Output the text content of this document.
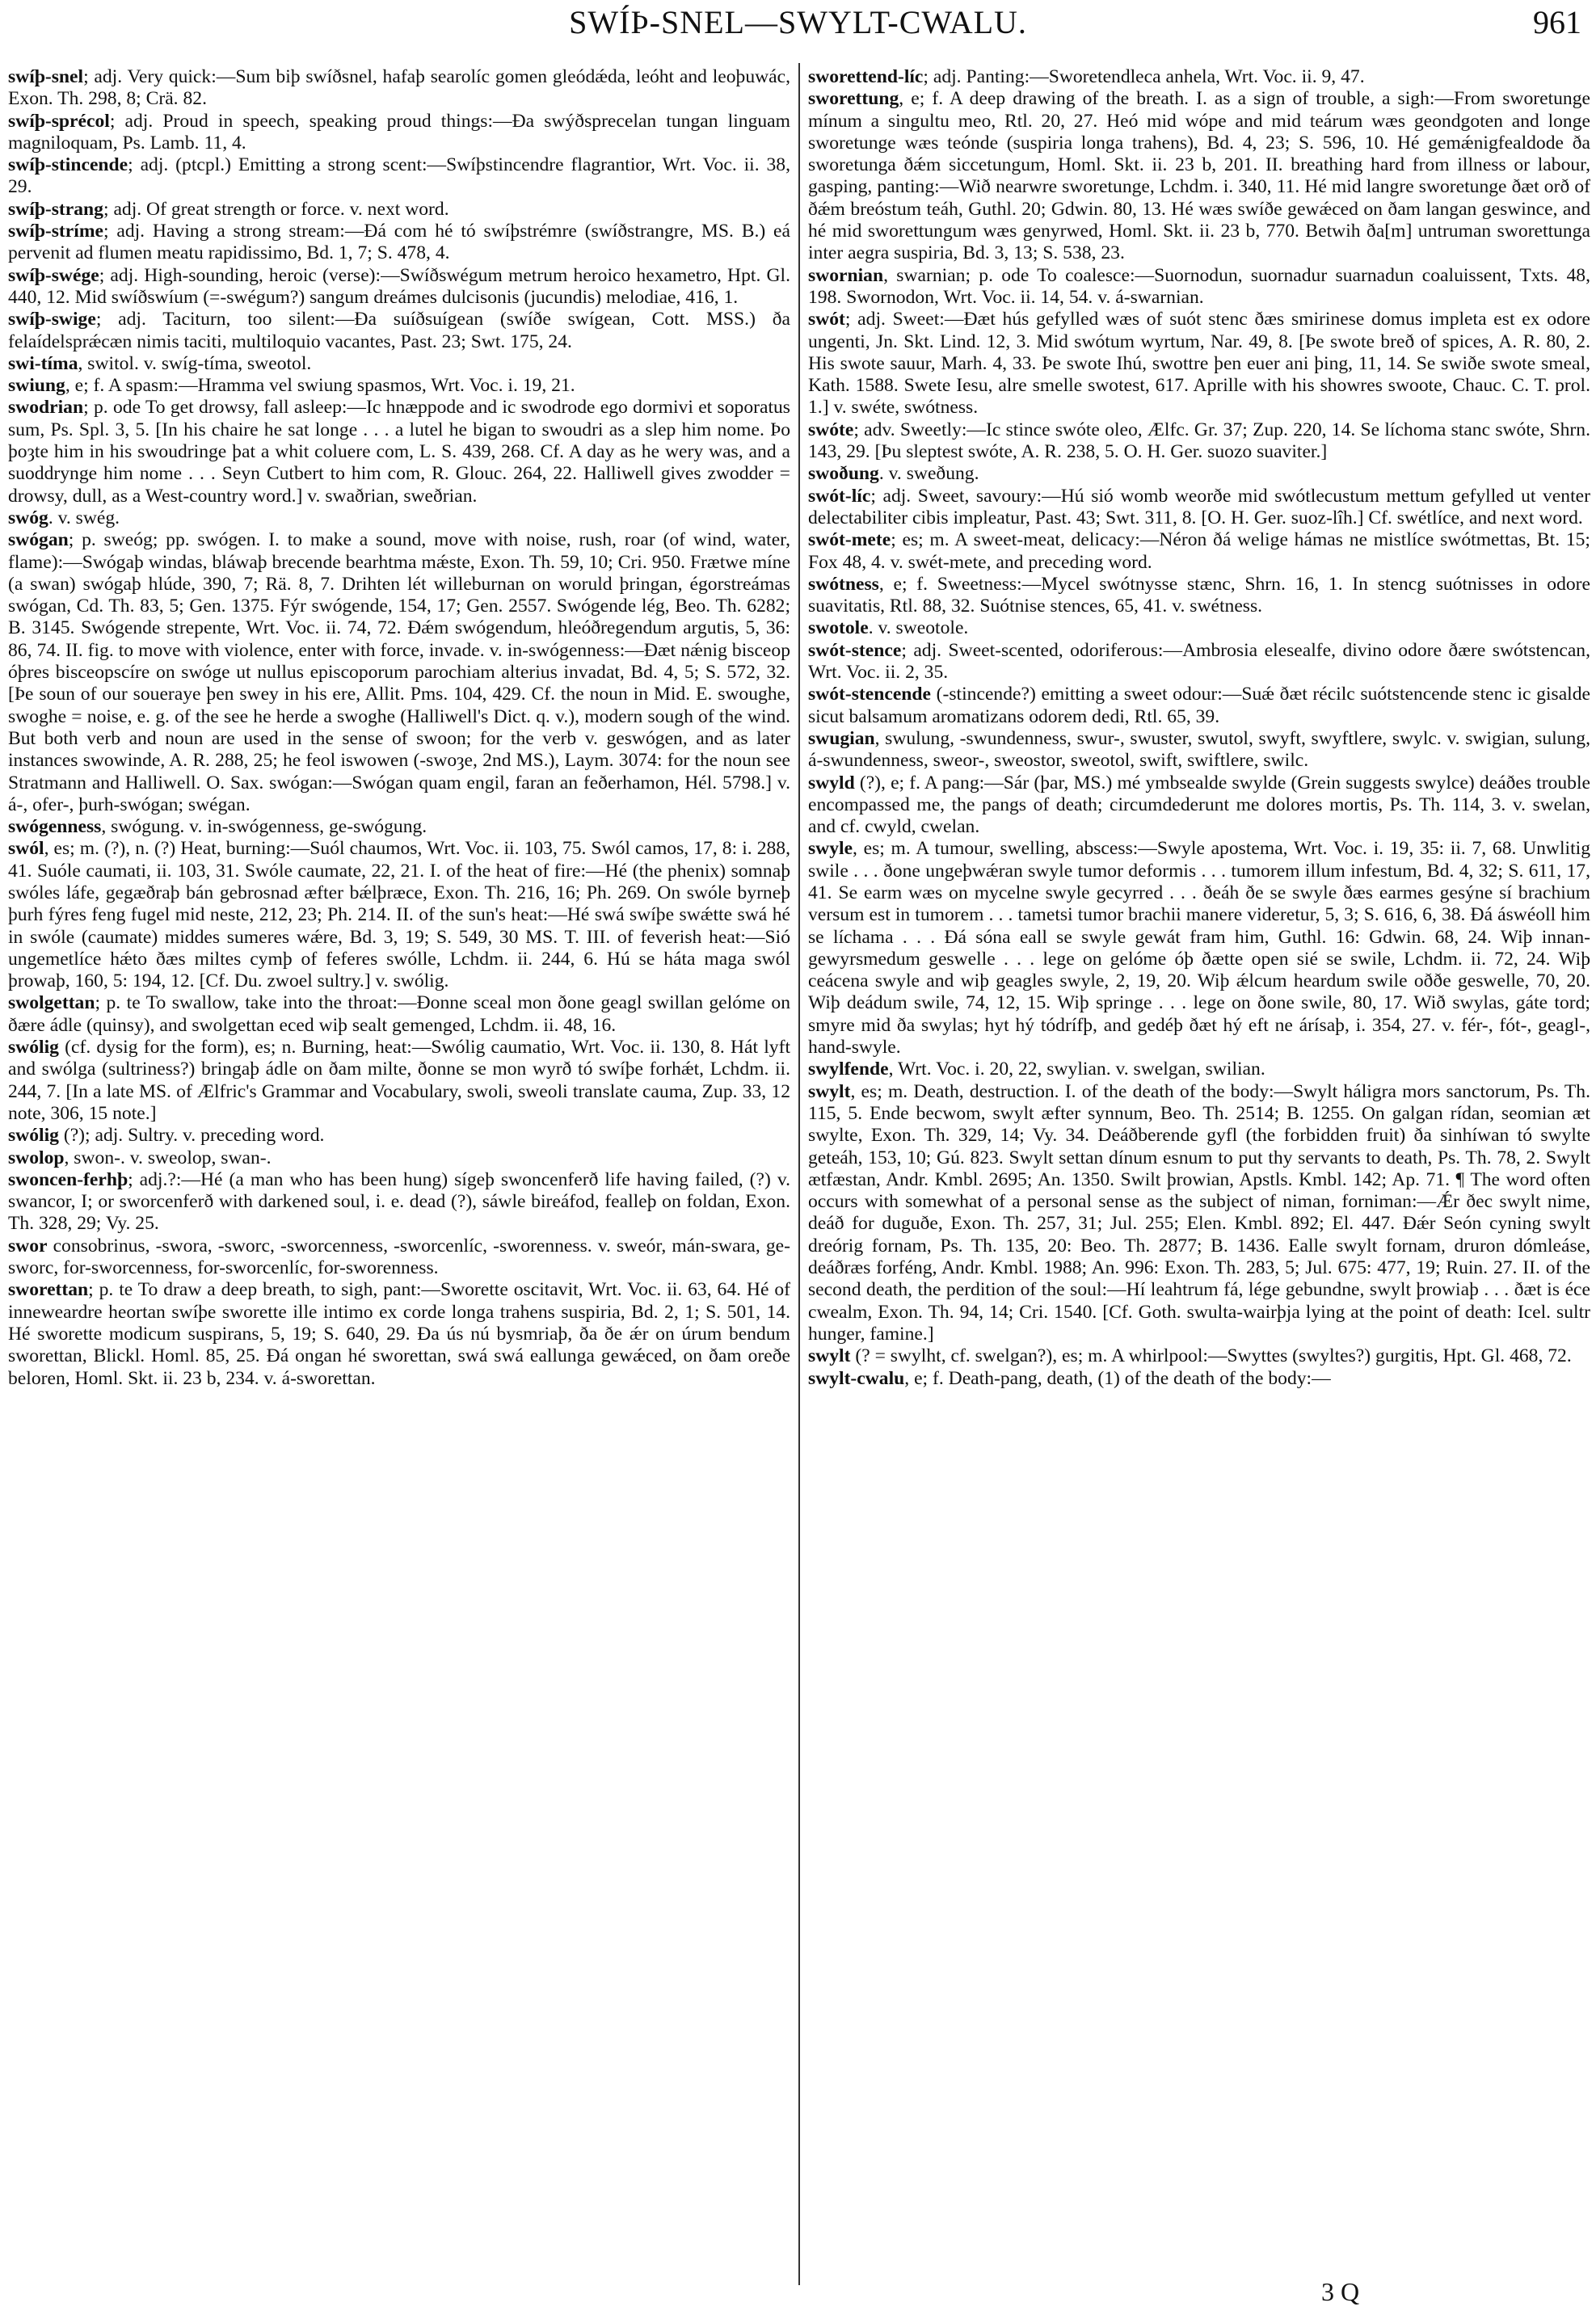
SWÍÞ-SNEL—SWYLT-CWALU.	961

swíþ-snel; adj. Very quick:—Sum biþ swíðsnel, hafaþ searolíc gomen gleódǽda, leóht and leoþuwác, Exon. Th. 298, 8; Crä. 82.

swíþ-sprécol; adj. Proud in speech, speaking proud things:—Ða swýðsprecelan tungan linguam magniloquam, Ps. Lamb. 11, 4.

swíþ-stincende; adj. (ptcpl.) Emitting a strong scent:—Swíþstincendre flagrantior, Wrt. Voc. ii. 38, 29.

swíþ-strang; adj. Of great strength or force. v. next word.

swíþ-stríme; adj. Having a strong stream:—Ðá com hé tó swíþstrémre (swíðstrangre, MS. B.) eá pervenit ad flumen meatu rapidissimo, Bd. 1, 7; S. 478, 4.

swíþ-swége; adj. High-sounding, heroic (verse):—Swíðswégum metrum heroico hexametro, Hpt. Gl. 440, 12. Mid swíðswíum (=-swégum?) sangum dreámes dulcisonis (jucundis) melodiae, 416, 1.

swíþ-swige; adj. Taciturn, too silent:—Ða suíðsuígean (swíðe swígean, Cott. MSS.) ða felaídelsprǽcæn nimis taciti, multiloquio vacantes, Past. 23; Swt. 175, 24.

swi-tíma, switol. v. swíg-tíma, sweotol.

swiung, e; f. A spasm:—Hramma vel swiung spasmos, Wrt. Voc. i. 19, 21.

swodrian; p. ode To get drowsy, fall asleep:—Ic hnæppode and ic swodrode ego dormivi et soporatus sum, Ps. Spl. 3, 5. [In his chaire he sat longe . . . a lutel he bigan to swoudri as a slep him nome. Þo þoȝte him in his swoudringe þat a whit coluere com, L. S. 439, 268. Cf. A day as he wery was, and a suoddrynge him nome . . . Seyn Cutbert to him com, R. Glouc. 264, 22. Halliwell gives zwodder = drowsy, dull, as a West-country word.] v. swaðrian, sweðrian.

swóg. v. swég.

swógan; p. sweóg; pp. swógen. I. to make a sound, move with noise, rush, roar (of wind, water, flame):—Swógaþ windas, bláwaþ brecende bearhtma mǽste, Exon. Th. 59, 10; Cri. 950. Frætwe míne (a swan) swógaþ hlúde, 390, 7; Rä. 8, 7. Drihten lét willeburnan on woruld þringan, égorstreámas swógan, Cd. Th. 83, 5; Gen. 1375. Fýr swógende, 154, 17; Gen. 2557. Swógende lég, Beo. Th. 6282; B. 3145. Swógende strepente, Wrt. Voc. ii. 74, 72. Ðǽm swógendum, hleóðregendum argutis, 5, 36: 86, 74. II. fig. to move with violence, enter with force, invade. v. in-swógenness:—Ðæt nǽnig bisceop óþres bisceopscíre on swóge ut nullus episcoporum parochiam alterius invadat, Bd. 4, 5; S. 572, 32. [Þe soun of our soueraye þen swey in his ere, Allit. Pms. 104, 429. Cf. the noun in Mid. E. swoughe, swoghe = noise, e. g. of the see he herde a swoghe (Halliwell's Dict. q. v.), modern sough of the wind. But both verb and noun are used in the sense of swoon; for the verb v. geswógen, and as later instances swowinde, A. R. 288, 25; he feol iswowen (-swoȝe, 2nd MS.), Laym. 3074: for the noun see Stratmann and Halliwell. O. Sax. swógan:—Swógan quam engil, faran an feðerhamon, Hél. 5798.] v. á-, ofer-, þurh-swógan; swégan.

swógenness, swógung. v. in-swógenness, ge-swógung.

swól, es; m. (?), n. (?) Heat, burning:—Suól chaumos, Wrt. Voc. ii. 103, 75. Swól camos, 17, 8: i. 288, 41. Suóle caumati, ii. 103, 31. Swóle caumate, 22, 21. I. of the heat of fire:—Hé (the phenix) somnaþ swóles láfe, gegæðraþ bán gebrosnad æfter bǽlþræce, Exon. Th. 216, 16; Ph. 269. On swóle byrneþ þurh fýres feng fugel mid neste, 212, 23; Ph. 214. II. of the sun's heat:—Hé swá swíþe swǽtte swá hé in swóle (caumate) middes sumeres wǽre, Bd. 3, 19; S. 549, 30 MS. T. III. of feverish heat:—Sió ungemetlíce hǽto ðæs miltes cymþ of feferes swólle, Lchdm. ii. 244, 6. Hú se háta maga swól þrowaþ, 160, 5: 194, 12. [Cf. Du. zwoel sultry.] v. swólig.

swolgettan; p. te To swallow, take into the throat:—Ðonne sceal mon ðone geagl swillan gelóme on ðære ádle (quinsy), and swolgettan eced wiþ sealt gemenged, Lchdm. ii. 48, 16.

swólig (cf. dysig for the form), es; n. Burning, heat:—Swólig caumatio, Wrt. Voc. ii. 130, 8. Hát lyft and swólga (sultriness?) bringaþ ádle on ðam milte, ðonne se mon wyrð tó swíþe forhǽt, Lchdm. ii. 244, 7. [In a late MS. of Ælfric's Grammar and Vocabulary, swoli, sweoli translate cauma, Zup. 33, 12 note, 306, 15 note.]

swólig (?); adj. Sultry. v. preceding word.

swolop, swon-. v. sweolop, swan-.

swoncen-ferhþ; adj.?:—Hé (a man who has been hung) sígeþ swoncenferð life having failed, (?) v. swancor, I; or sworcenferð with darkened soul, i. e. dead (?), sáwle bireáfod, fealleþ on foldan, Exon. Th. 328, 29; Vy. 25.

swor consobrinus, -swora, -sworc, -sworcenness, -sworcenlíc, -sworenness. v. sweór, mán-swara, ge-sworc, for-sworcenness, for-sworcenlíc, for-sworenness.

sworettan; p. te To draw a deep breath, to sigh, pant:—Sworette oscitavit, Wrt. Voc. ii. 63, 64. Hé of inneweardre heortan swíþe sworette ille intimo ex corde longa trahens suspiria, Bd. 2, 1; S. 501, 14. Hé sworette modicum suspirans, 5, 19; S. 640, 29. Ða ús nú bysmriaþ, ða ðe ǽr on úrum bendum sworettan, Blickl. Homl. 85, 25. Ðá ongan hé sworettan, swá swá eallunga gewǽced, on ðam oreðe beloren, Homl. Skt. ii. 23 b, 234. v. á-sworettan.

sworettend-líc; adj. Panting:—Sworetendleca anhela, Wrt. Voc. ii. 9, 47.

sworettung, e; f. A deep drawing of the breath. I. as a sign of trouble, a sigh:—From sworetunge mínum a singultu meo, Rtl. 20, 27. Heó mid wópe and mid teárum wæs geondgoten and longe sworetunge wæs teónde (suspiria longa trahens), Bd. 4, 23; S. 596, 10. Hé gemǽnigfealdode ða sworetunga ðǽm siccetungum, Homl. Skt. ii. 23 b, 201. II. breathing hard from illness or labour, gasping, panting:—Wið nearwre sworetunge, Lchdm. i. 340, 11. Hé mid langre sworetunge ðæt orð of ðǽm breóstum teáh, Guthl. 20; Gdwin. 80, 13. Hé wæs swíðe gewǽced on ðam langan geswince, and hé mid sworettungum wæs genyrwed, Homl. Skt. ii. 23 b, 770. Betwih ða[m] untruman sworettunga inter aegra suspiria, Bd. 3, 13; S. 538, 23.

swornian, swarnian; p. ode To coalesce:—Suornodun, suornadur suarnadun coaluissent, Txts. 48, 198. Swornodon, Wrt. Voc. ii. 14, 54. v. á-swarnian.

swót; adj. Sweet:—Ðæt hús gefylled wæs of suót stenc ðæs smirinese domus impleta est ex odore ungenti, Jn. Skt. Lind. 12, 3. Mid swótum wyrtum, Nar. 49, 8. [Þe swote breð of spices, A. R. 80, 2. His swote sauur, Marh. 4, 33. Þe swote Ihú, swottre þen euer ani þing, 11, 14. Se swiðe swote smeal, Kath. 1588. Swete Iesu, alre smelle swotest, 617. Aprille with his showres swoote, Chauc. C. T. prol. 1.] v. swéte, swótness.

swóte; adv. Sweetly:—Ic stince swóte oleo, Ælfc. Gr. 37; Zup. 220, 14. Se líchoma stanc swóte, Shrn. 143, 29. [Þu sleptest swóte, A. R. 238, 5. O. H. Ger. suozo suaviter.]

swoðung. v. sweðung.

swót-líc; adj. Sweet, savoury:—Hú sió womb weorðe mid swótlecustum mettum gefylled ut venter delectabiliter cibis impleatur, Past. 43; Swt. 311, 8. [O. H. Ger. suoz-lîh.] Cf. swétlíce, and next word.

swót-mete; es; m. A sweet-meat, delicacy:—Néron ðá welige hámas ne mistlíce swótmettas, Bt. 15; Fox 48, 4. v. swét-mete, and preceding word.

swótness, e; f. Sweetness:—Mycel swótnysse stænc, Shrn. 16, 1. In stencg suótnisses in odore suavitatis, Rtl. 88, 32. Suótnise stences, 65, 41. v. swétness.

swotole. v. sweotole.

swót-stence; adj. Sweet-scented, odoriferous:—Ambrosia elesealfe, divino odore ðære swótstencan, Wrt. Voc. ii. 2, 35.

swót-stencende (-stincende?) emitting a sweet odour:—Suǽ ðæt récilc suótstencende stenc ic gisalde sicut balsamum aromatizans odorem dedi, Rtl. 65, 39.

swugian, swulung, -swundenness, swur-, swuster, swutol, swyft, swyftlere, swylc. v. swigian, sulung, á-swundenness, sweor-, sweostor, sweotol, swift, swiftlere, swilc.

swyld (?), e; f. A pang:—Sár (þar, MS.) mé ymbsealde swylde (Grein suggests swylce) deáðes trouble encompassed me, the pangs of death; circumdederunt me dolores mortis, Ps. Th. 114, 3. v. swelan, and cf. cwyld, cwelan.

swyle, es; m. A tumour, swelling, abscess:—Swyle apostema, Wrt. Voc. i. 19, 35: ii. 7, 68. Unwlitig swile . . . ðone ungeþwǽran swyle tumor deformis . . . tumorem illum infestum, Bd. 4, 32; S. 611, 17, 41. Se earm wæs on mycelne swyle gecyrred . . . ðeáh ðe se swyle ðæs earmes gesýne sí brachium versum est in tumorem . . . tametsi tumor brachii manere videretur, 5, 3; S. 616, 6, 38. Ðá áswéoll him se líchama . . . Ðá sóna eall se swyle gewát fram him, Guthl. 16: Gdwin. 68, 24. Wiþ innan-gewyrsmedum geswelle . . . lege on gelóme óþ ðætte open sié se swile, Lchdm. ii. 72, 24. Wiþ ceácena swyle and wiþ geagles swyle, 2, 19, 20. Wiþ ǽlcum heardum swile oððe geswelle, 70, 20. Wiþ deádum swile, 74, 12, 15. Wiþ springe . . . lege on ðone swile, 80, 17. Wið swylas, gáte tord; smyre mid ða swylas; hyt hý tódrífþ, and gedéþ ðæt hý eft ne árísaþ, i. 354, 27. v. fér-, fót-, geagl-, hand-swyle.

swylfende, Wrt. Voc. i. 20, 22, swylian. v. swelgan, swilian.

swylt, es; m. Death, destruction. I. of the death of the body:—Swylt háligra mors sanctorum, Ps. Th. 115, 5. Ende becwom, swylt æfter synnum, Beo. Th. 2514; B. 1255. On galgan rídan, seomian æt swylte, Exon. Th. 329, 14; Vy. 34. Deáðberende gyfl (the forbidden fruit) ða sinhíwan tó swylte geteáh, 153, 10; Gú. 823. Swylt settan dínum esnum to put thy servants to death, Ps. Th. 78, 2. Swylt ætfæstan, Andr. Kmbl. 2695; An. 1350. Swilt þrowian, Apstls. Kmbl. 142; Ap. 71. ¶ The word often occurs with somewhat of a personal sense as the subject of niman, forniman:—Ǽr ðec swylt nime, deáð for duguðe, Exon. Th. 257, 31; Jul. 255; Elen. Kmbl. 892; El. 447. Ðǽr Seón cyning swylt dreórig fornam, Ps. Th. 135, 20: Beo. Th. 2877; B. 1436. Ealle swylt fornam, druron dómleáse, deáðræs forféng, Andr. Kmbl. 1988; An. 996: Exon. Th. 283, 5; Jul. 675: 477, 19; Ruin. 27. II. of the second death, the perdition of the soul:—Hí leahtrum fá, lége gebundne, swylt þrowiaþ . . . ðæt is éce cwealm, Exon. Th. 94, 14; Cri. 1540. [Cf. Goth. swulta-wairþja lying at the point of death: Icel. sultr hunger, famine.]

swylt (? = swylht, cf. swelgan?), es; m. A whirlpool:—Swyttes (swyltes?) gurgitis, Hpt. Gl. 468, 72.

swylt-cwalu, e; f. Death-pang, death, (1) of the death of the body:—

3 Q
